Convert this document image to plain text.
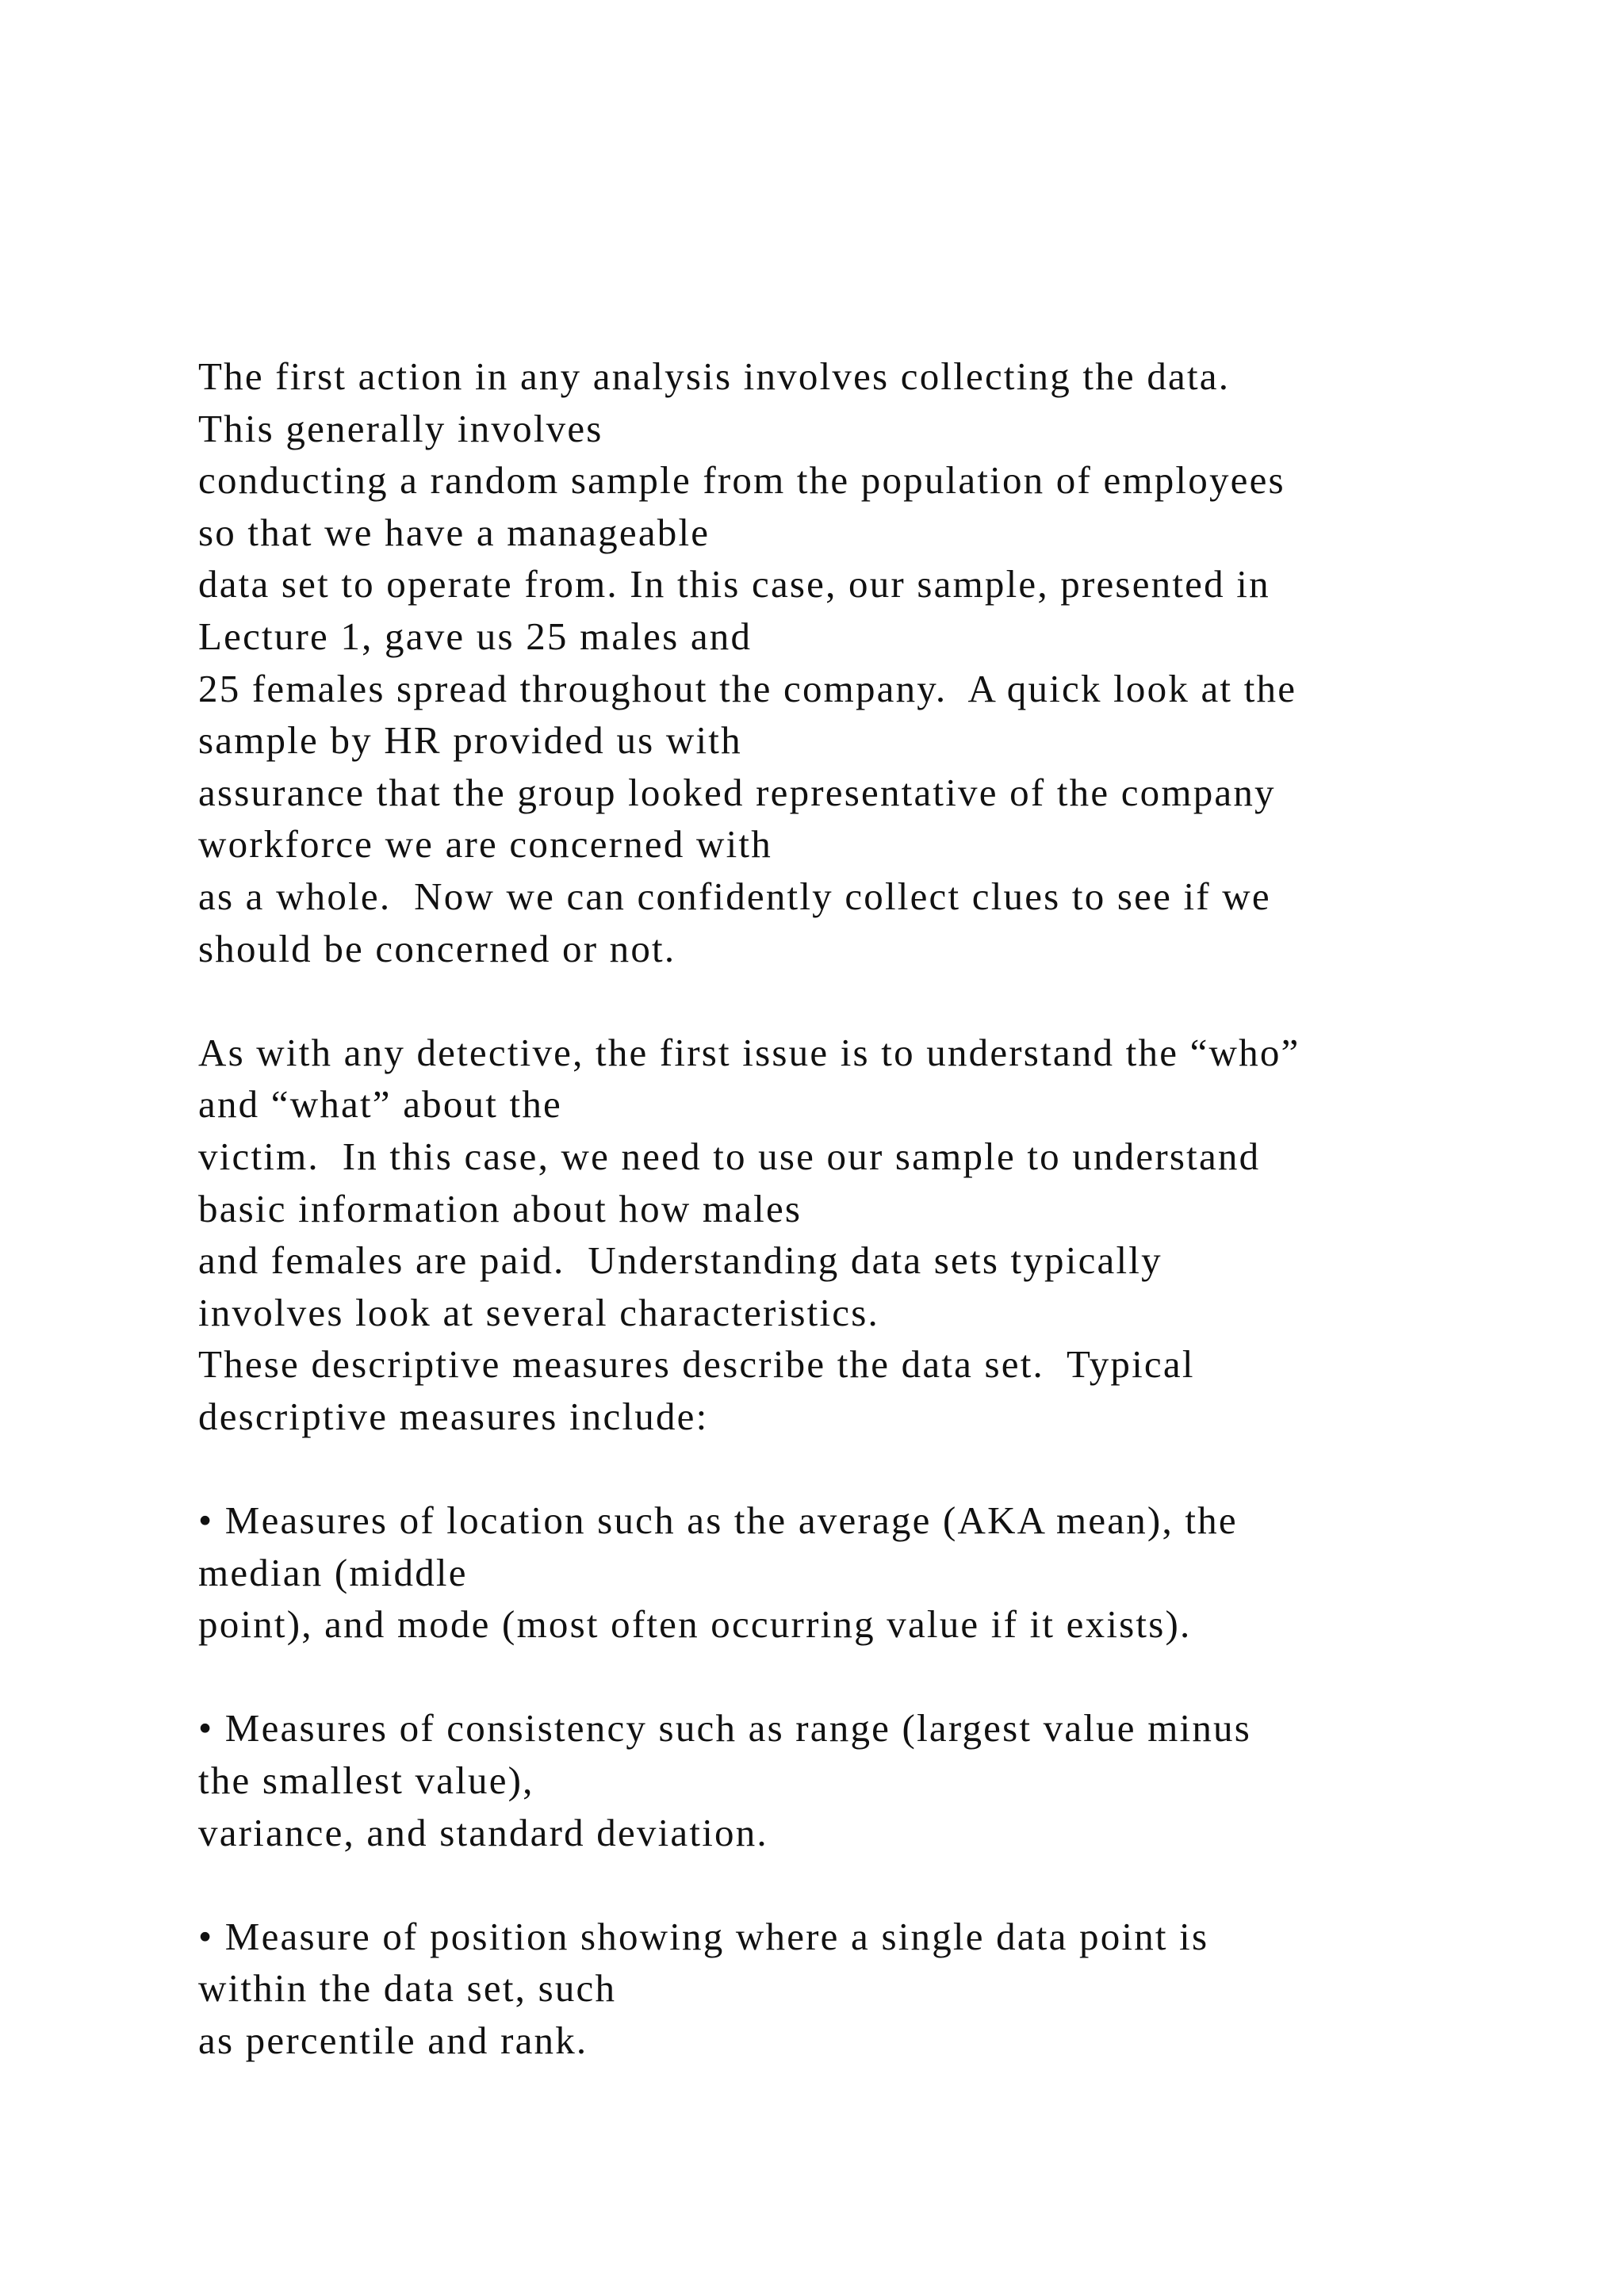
The first action in any analysis involves collecting the data.
This generally involves
conducting a random sample from the population of employees
so that we have a manageable
data set to operate from. In this case, our sample, presented in
Lecture 1, gave us 25 males and
25 females spread throughout the company.  A quick look at the
sample by HR provided us with
assurance that the group looked representative of the company
workforce we are concerned with
as a whole.  Now we can confidently collect clues to see if we
should be concerned or not.
As with any detective, the first issue is to understand the “who”
and “what” about the
victim.  In this case, we need to use our sample to understand
basic information about how males
and females are paid.  Understanding data sets typically
involves look at several characteristics.
These descriptive measures describe the data set.  Typical
descriptive measures include:
• Measures of location such as the average (AKA mean), the
median (middle
point), and mode (most often occurring value if it exists).
• Measures of consistency such as range (largest value minus
the smallest value),
variance, and standard deviation.
• Measure of position showing where a single data point is
within the data set, such
as percentile and rank.
